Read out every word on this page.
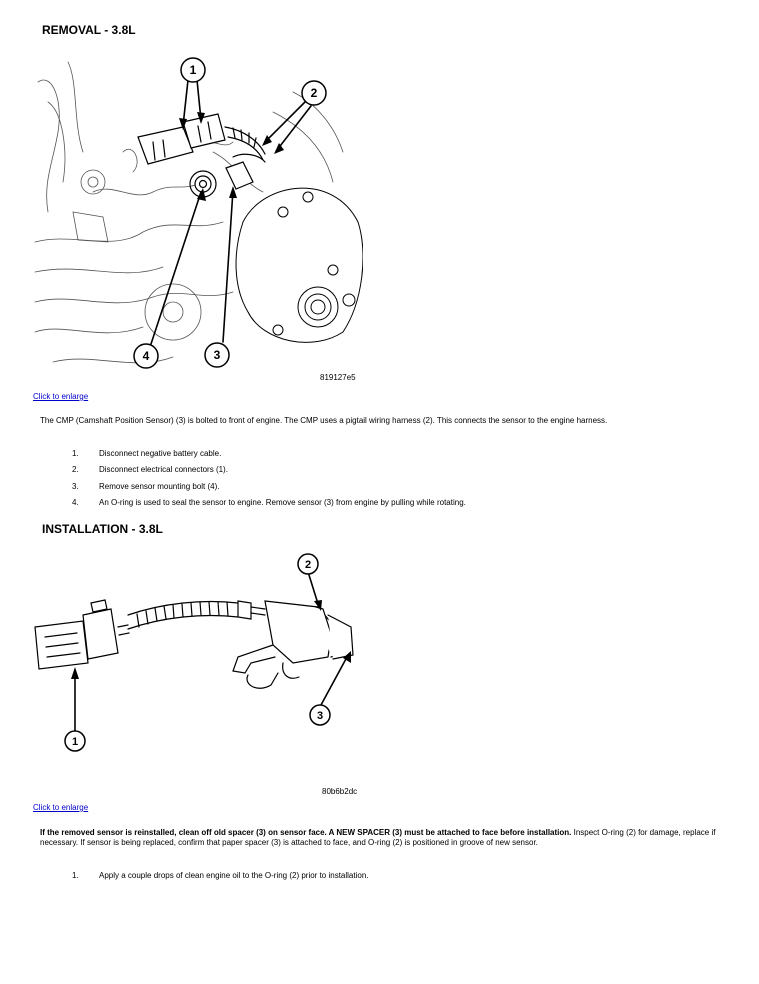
REMOVAL - 3.8L
1
2
3
4
819127e5
Click to enlarge

The CMP (Camshaft Position Sensor) (3) is bolted to front of engine. The CMP uses a pigtail wiring harness (2). This connects the sensor to the engine harness.

1.	Disconnect negative battery cable.
2.	Disconnect electrical connectors (1).
3.	Remove sensor mounting bolt (4).
4.	An O-ring is used to seal the sensor to engine. Remove sensor (3) from engine by pulling while rotating.
INSTALLATION - 3.8L
1
2
3
80b6b2dc
Click to enlarge

If the removed sensor is reinstalled, clean off old spacer (3) on sensor face. A NEW SPACER (3) must be attached to face before installation. Inspect O-ring (2) for damage, replace if necessary. If sensor is being replaced, confirm that paper spacer (3) is attached to face, and O-ring (2) is positioned in groove of new sensor.

1.	Apply a couple drops of clean engine oil to the O-ring (2) prior to installation.
